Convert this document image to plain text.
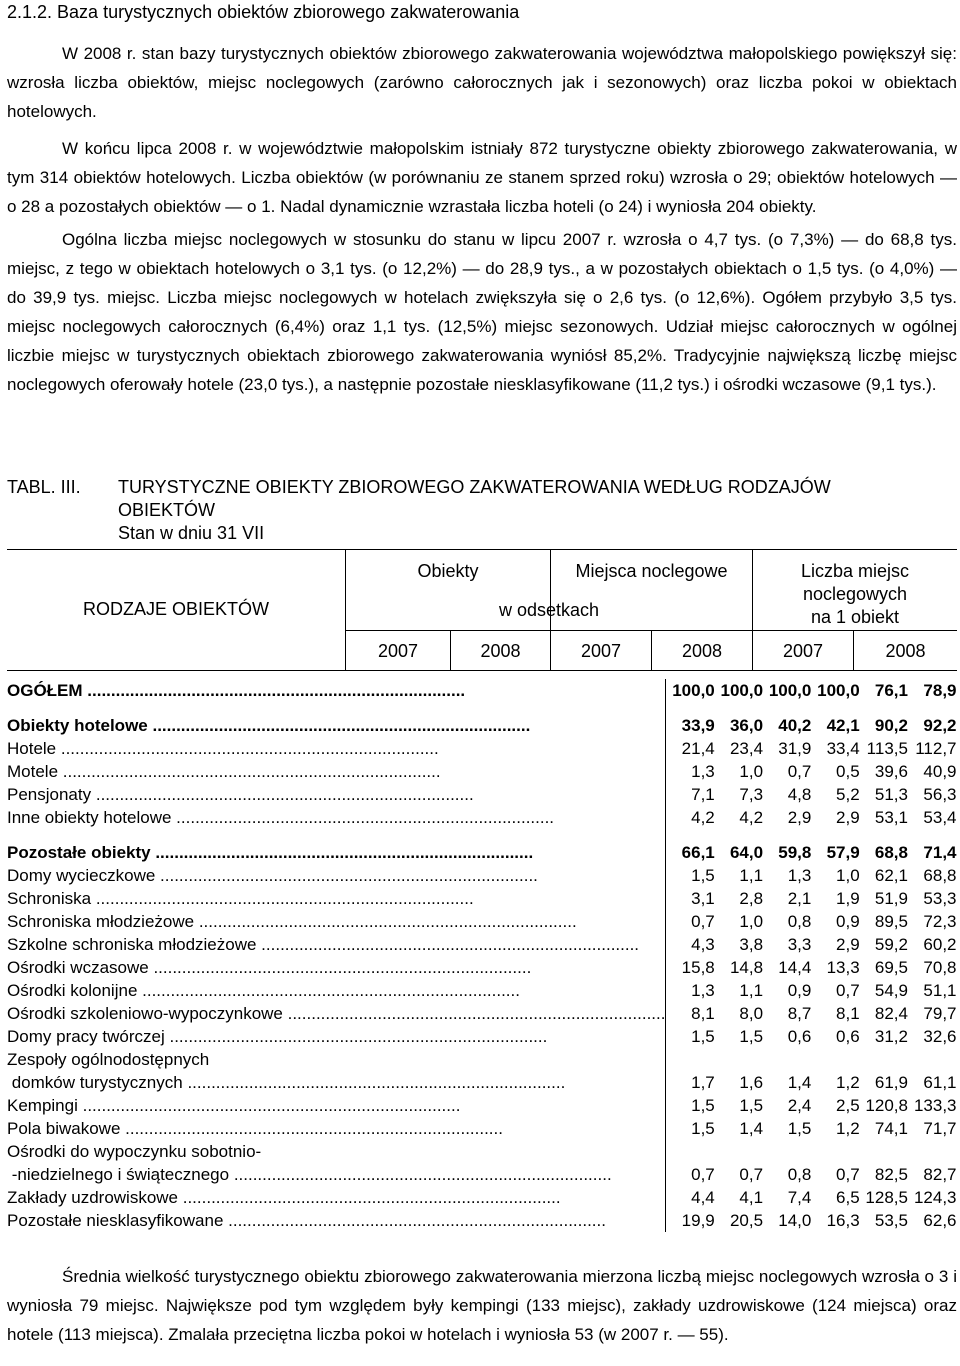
2.1.2. Baza turystycznych obiektów zbiorowego zakwaterowania

W 2008 r. stan bazy turystycznych obiektów zbiorowego zakwaterowania województwa małopolskiego powiększył się: wzrosła liczba obiektów, miejsc noclegowych (zarówno całorocznych jak i sezonowych) oraz liczba pokoi w obiektach hotelowych.

W końcu lipca 2008 r. w województwie małopolskim istniały 872 turystyczne obiekty zbiorowego zakwaterowania, w tym 314 obiektów hotelowych. Liczba obiektów (w porównaniu ze stanem sprzed roku) wzrosła o 29; obiektów hotelowych — o 28 a pozostałych obiektów — o 1. Nadal dynamicznie wzrastała liczba hoteli (o 24) i wyniosła 204 obiekty.

Ogólna liczba miejsc noclegowych w stosunku do stanu w lipcu 2007 r. wzrosła o 4,7 tys. (o 7,3%) — do 68,8 tys. miejsc, z tego w obiektach hotelowych o 3,1 tys. (o 12,2%) — do 28,9 tys., a w pozostałych obiektach o 1,5 tys. (o 4,0%) — do 39,9 tys. miejsc. Liczba miejsc noclegowych w hotelach zwiększyła się o 2,6 tys. (o 12,6%). Ogółem przybyło 3,5 tys. miejsc noclegowych całorocznych (6,4%) oraz 1,1 tys. (12,5%) miejsc sezonowych. Udział miejsc całorocznych w ogólnej liczbie miejsc w turystycznych obiektach zbiorowego zakwaterowania wyniósł 85,2%. Tradycyjnie największą liczbę miejsc noclegowych oferowały hotele (23,0 tys.), a następnie pozostałe niesklasyfikowane (11,2 tys.) i ośrodki wczasowe (9,1 tys.).

TABL. III. TURYSTYCZNE OBIEKTY ZBIOROWEGO ZAKWATEROWANIA WEDŁUG RODZAJÓW
OBIEKTÓW
Stan w dniu 31 VII
RODZAJE OBIEKTÓW
Obiekty	Miejsca noclegowe
w odsetkach
Liczba miejsc
noclegowych
na 1 obiekt
2007	2008	2007	2008	2007	2008
OGÓŁEM ................................................................................	100,0	100,0	100,0	100,0	76,1	78,9

Obiekty hotelowe ................................................................................	33,9	36,0	40,2	42,1	90,2	92,2
Hotele ................................................................................	21,4	23,4	31,9	33,4	113,5	112,7
Motele ................................................................................	1,3	1,0	0,7	0,5	39,6	40,9
Pensjonaty ................................................................................	7,1	7,3	4,8	5,2	51,3	56,3
Inne obiekty hotelowe ................................................................................	4,2	4,2	2,9	2,9	53,1	53,4

Pozostałe obiekty ................................................................................	66,1	64,0	59,8	57,9	68,8	71,4
Domy wycieczkowe ................................................................................	1,5	1,1	1,3	1,0	62,1	68,8
Schroniska ................................................................................	3,1	2,8	2,1	1,9	51,9	53,3
Schroniska młodzieżowe ................................................................................	0,7	1,0	0,8	0,9	89,5	72,3
Szkolne schroniska młodzieżowe ................................................................................	4,3	3,8	3,3	2,9	59,2	60,2
Ośrodki wczasowe ................................................................................	15,8	14,8	14,4	13,3	69,5	70,8
Ośrodki kolonijne ................................................................................	1,3	1,1	0,9	0,7	54,9	51,1
Ośrodki szkoleniowo-wypoczynkowe ................................................................................	8,1	8,0	8,7	8,1	82,4	79,7
Domy pracy twórczej ................................................................................	1,5	1,5	0,6	0,6	31,2	32,6
Zespoły ogólnodostępnych						
domków turystycznych ................................................................................	1,7	1,6	1,4	1,2	61,9	61,1
Kempingi ................................................................................	1,5	1,5	2,4	2,5	120,8	133,3
Pola biwakowe ................................................................................	1,5	1,4	1,5	1,2	74,1	71,7
Ośrodki do wypoczynku sobotnio-						
-niedzielnego i świątecznego ................................................................................	0,7	0,7	0,8	0,7	82,5	82,7
Zakłady uzdrowiskowe ................................................................................	4,4	4,1	7,4	6,5	128,5	124,3
Pozostałe niesklasyfikowane ................................................................................	19,9	20,5	14,0	16,3	53,5	62,6

Średnia wielkość turystycznego obiektu zbiorowego zakwaterowania mierzona liczbą miejsc noclegowych wzrosła o 3 i wyniosła 79 miejsc. Największe pod tym względem były kempingi (133 miejsc), zakłady uzdrowiskowe (124 miejsca) oraz hotele (113 miejsca). Zmalała przeciętna liczba pokoi w hotelach i wyniosła 53 (w 2007 r. — 55).
